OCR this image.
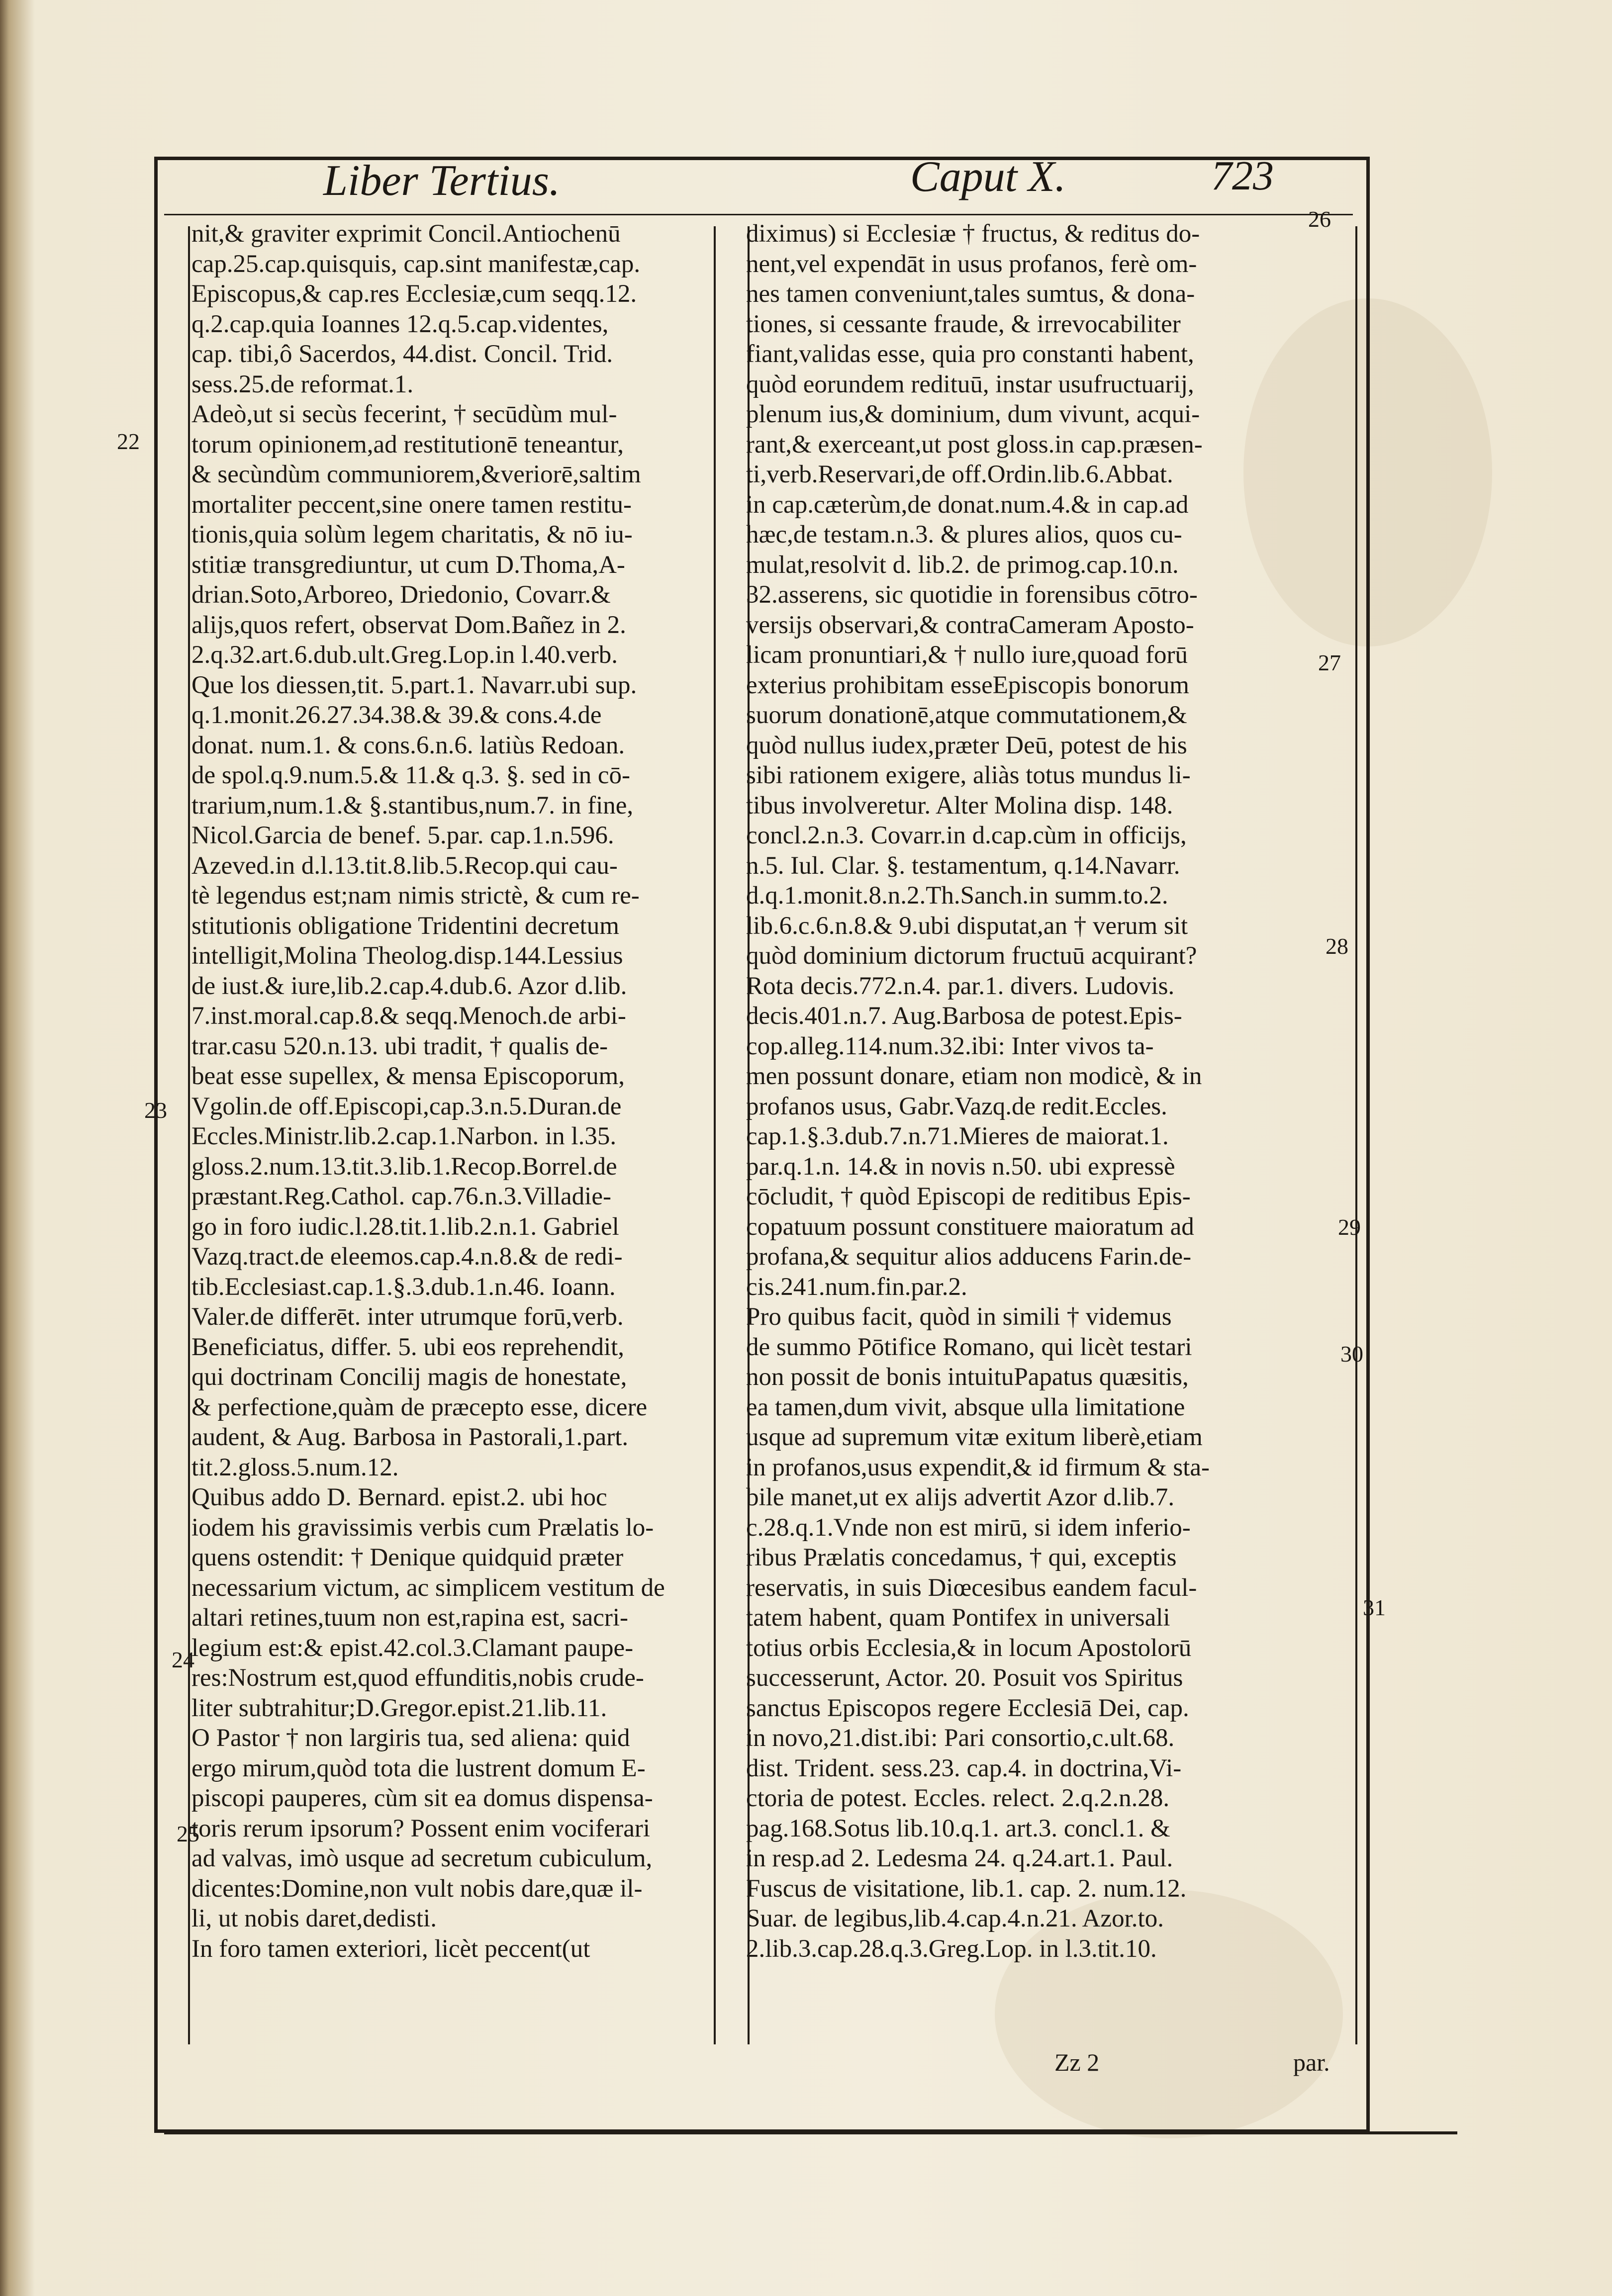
Liber Tertius.	Caput X.	723
nit,& graviter exprimit Concil.Antiochenū
cap.25.cap.quisquis, cap.sint manifestæ,cap.
Episcopus,& cap.res Ecclesiæ,cum seqq.12.
q.2.cap.quia Ioannes 12.q.5.cap.videntes,
cap. tibi,ô Sacerdos, 44.dist. Concil. Trid.
sess.25.de reformat.1.
Adeò,ut si secùs fecerint, † secūdùm mul-
torum opinionem,ad restitutionē teneantur,
& secùndùm communiorem,&veriorē,saltim
mortaliter peccent,sine onere tamen restitu-
tionis,quia solùm legem charitatis, & nō iu-
stitiæ transgrediuntur, ut cum D.Thoma,A-
drian.Soto,Arboreo, Driedonio, Covarr.&
alijs,quos refert, observat Dom.Bañez in 2.
2.q.32.art.6.dub.ult.Greg.Lop.in l.40.verb.
Que los diessen,tit. 5.part.1. Navarr.ubi sup.
q.1.monit.26.27.34.38.& 39.& cons.4.de
donat. num.1. & cons.6.n.6. latiùs Redoan.
de spol.q.9.num.5.& 11.& q.3. §. sed in cō-
trarium,num.1.& §.stantibus,num.7. in fine,
Nicol.Garcia de benef. 5.par. cap.1.n.596.
Azeved.in d.l.13.tit.8.lib.5.Recop.qui cau-
tè legendus est;nam nimis strictè, & cum re-
stitutionis obligatione Tridentini decretum
intelligit,Molina Theolog.disp.144.Lessius
de iust.& iure,lib.2.cap.4.dub.6. Azor d.lib.
7.inst.moral.cap.8.& seqq.Menoch.de arbi-
trar.casu 520.n.13. ubi tradit, † qualis de-
beat esse supellex, & mensa Episcoporum,
Vgolin.de off.Episcopi,cap.3.n.5.Duran.de
Eccles.Ministr.lib.2.cap.1.Narbon. in l.35.
gloss.2.num.13.tit.3.lib.1.Recop.Borrel.de
præstant.Reg.Cathol. cap.76.n.3.Villadie-
go in foro iudic.l.28.tit.1.lib.2.n.1. Gabriel
Vazq.tract.de eleemos.cap.4.n.8.& de redi-
tib.Ecclesiast.cap.1.§.3.dub.1.n.46. Ioann.
Valer.de differēt. inter utrumque forū,verb.
Beneficiatus, differ. 5. ubi eos reprehendit,
qui doctrinam Concilij magis de honestate,
& perfectione,quàm de præcepto esse, dicere
audent, & Aug. Barbosa in Pastorali,1.part.
tit.2.gloss.5.num.12.
Quibus addo D. Bernard. epist.2. ubi hoc
iodem his gravissimis verbis cum Prælatis lo-
quens ostendit: † Denique quidquid præter
necessarium victum, ac simplicem vestitum de
altari retines,tuum non est,rapina est, sacri-
legium est:& epist.42.col.3.Clamant paupe-
res:Nostrum est,quod effunditis,nobis crude-
liter subtrahitur;D.Gregor.epist.21.lib.11.
O Pastor † non largiris tua, sed aliena: quid
ergo mirum,quòd tota die lustrent domum E-
piscopi pauperes, cùm sit ea domus dispensa-
toris rerum ipsorum? Possent enim vociferari
ad valvas, imò usque ad secretum cubiculum,
dicentes:Domine,non vult nobis dare,quæ il-
li, ut nobis daret,dedisti.
In foro tamen exteriori, licèt peccent(ut
diximus) si Ecclesiæ † fructus, & reditus do-
nent,vel expendāt in usus profanos, ferè om-
nes tamen conveniunt,tales sumtus, & dona-
tiones, si cessante fraude, & irrevocabiliter
fiant,validas esse, quia pro constanti habent,
quòd eorundem redituū, instar usufructuarij,
plenum ius,& dominium, dum vivunt, acqui-
rant,& exerceant,ut post gloss.in cap.præsen-
ti,verb.Reservari,de off.Ordin.lib.6.Abbat.
in cap.cæterùm,de donat.num.4.& in cap.ad
hæc,de testam.n.3. & plures alios, quos cu-
mulat,resolvit d. lib.2. de primog.cap.10.n.
32.asserens, sic quotidie in forensibus cōtro-
versijs observari,& contraCameram Aposto-
licam pronuntiari,& † nullo iure,quoad forū
exterius prohibitam esseEpiscopis bonorum
suorum donationē,atque commutationem,&
quòd nullus iudex,præter Deū, potest de his
sibi rationem exigere, aliàs totus mundus li-
tibus involveretur. Alter Molina disp. 148.
concl.2.n.3. Covarr.in d.cap.cùm in officijs,
n.5. Iul. Clar. §. testamentum, q.14.Navarr.
d.q.1.monit.8.n.2.Th.Sanch.in summ.to.2.
lib.6.c.6.n.8.& 9.ubi disputat,an † verum sit
quòd dominium dictorum fructuū acquirant?
Rota decis.772.n.4. par.1. divers. Ludovis.
decis.401.n.7. Aug.Barbosa de potest.Epis-
cop.alleg.114.num.32.ibi: Inter vivos ta-
men possunt donare, etiam non modicè, & in
profanos usus, Gabr.Vazq.de redit.Eccles.
cap.1.§.3.dub.7.n.71.Mieres de maiorat.1.
par.q.1.n. 14.& in novis n.50. ubi expressè
cōcludit, † quòd Episcopi de reditibus Epis-
copatuum possunt constituere maioratum ad
profana,& sequitur alios adducens Farin.de-
cis.241.num.fin.par.2.
Pro quibus facit, quòd in simili † videmus
de summo Pōtifice Romano, qui licèt testari
non possit de bonis intuituPapatus quæsitis,
ea tamen,dum vivit, absque ulla limitatione
usque ad supremum vitæ exitum liberè,etiam
in profanos,usus expendit,& id firmum & sta-
bile manet,ut ex alijs advertit Azor d.lib.7.
c.28.q.1.Vnde non est mirū, si idem inferio-
ribus Prælatis concedamus, † qui, exceptis
reservatis, in suis Diœcesibus eandem facul-
tatem habent, quam Pontifex in universali
totius orbis Ecclesia,& in locum Apostolorū
successerunt, Actor. 20. Posuit vos Spiritus
sanctus Episcopos regere Ecclesiā Dei, cap.
in novo,21.dist.ibi: Pari consortio,c.ult.68.
dist. Trident. sess.23. cap.4. in doctrina,Vi-
ctoria de potest. Eccles. relect. 2.q.2.n.28.
pag.168.Sotus lib.10.q.1. art.3. concl.1. &
in resp.ad 2. Ledesma 24. q.24.art.1. Paul.
Fuscus de visitatione, lib.1. cap. 2. num.12.
Suar. de legibus,lib.4.cap.4.n.21. Azor.to.
2.lib.3.cap.28.q.3.Greg.Lop. in l.3.tit.10.
22
23
24
25
26
27
28
29
30
31
Zz 2	par.
